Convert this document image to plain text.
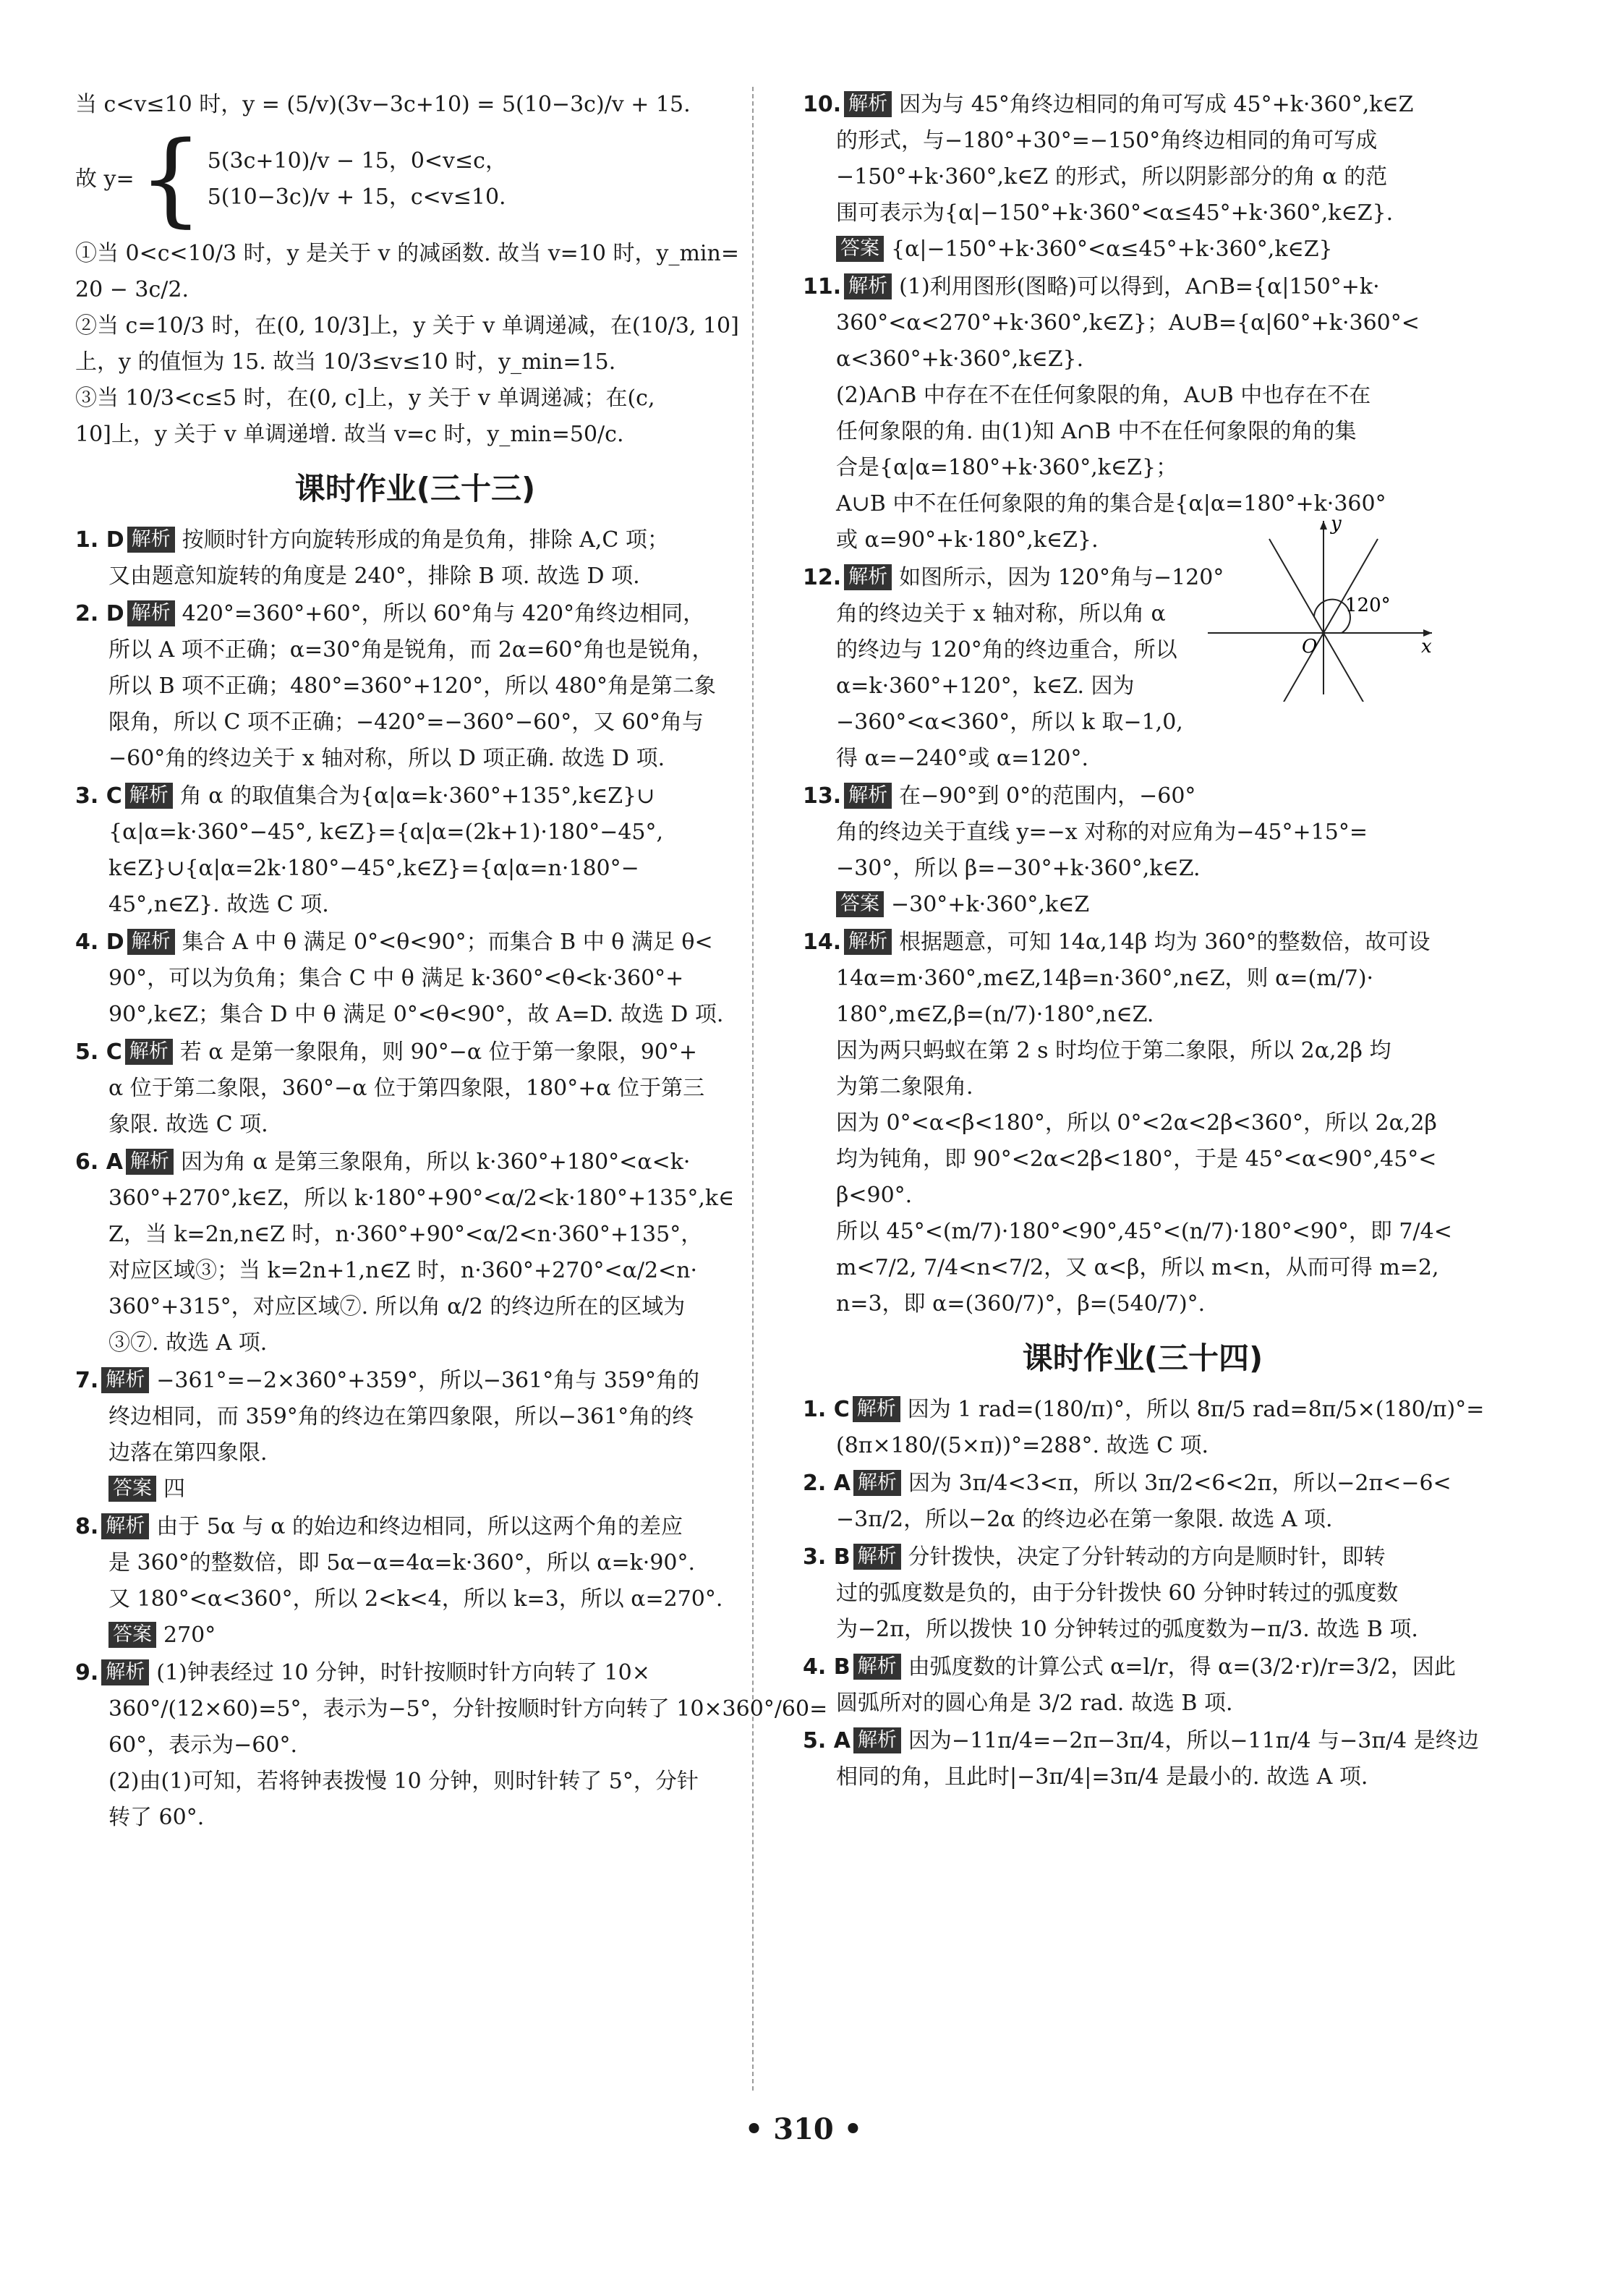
当 c<v≤10 时，y = (5/v)(3v−3c+10) = 5(10−3c)/v + 15.
故 y= { 5(3c+10)/v − 15，0<v≤c，
5(10−3c)/v + 15，c<v≤10.
①当 0<c<10/3 时，y 是关于 v 的减函数. 故当 v=10 时，y_min=
20 − 3c/2.
②当 c=10/3 时，在(0, 10/3]上，y 关于 v 单调递减，在(10/3, 10]
上，y 的值恒为 15. 故当 10/3≤v≤10 时，y_min=15.
③当 10/3<c≤5 时，在(0, c]上，y 关于 v 单调递减；在(c,
10]上，y 关于 v 单调递增. 故当 v=c 时，y_min=50/c.
课时作业(三十三)
1. D 解析 按顺时针方向旋转形成的角是负角，排除 A,C 项；
又由题意知旋转的角度是 240°，排除 B 项. 故选 D 项.
2. D 解析 420°=360°+60°，所以 60°角与 420°角终边相同，
所以 A 项不正确；α=30°角是锐角，而 2α=60°角也是锐角，
所以 B 项不正确；480°=360°+120°，所以 480°角是第二象
限角，所以 C 项不正确；−420°=−360°−60°，又 60°角与
−60°角的终边关于 x 轴对称，所以 D 项正确. 故选 D 项.
3. C 解析 角 α 的取值集合为{α|α=k·360°+135°,k∈Z}∪
{α|α=k·360°−45°, k∈Z}={α|α=(2k+1)·180°−45°,
k∈Z}∪{α|α=2k·180°−45°,k∈Z}={α|α=n·180°−
45°,n∈Z}. 故选 C 项.
4. D 解析 集合 A 中 θ 满足 0°<θ<90°；而集合 B 中 θ 满足 θ<
90°，可以为负角；集合 C 中 θ 满足 k·360°<θ<k·360°+
90°,k∈Z；集合 D 中 θ 满足 0°<θ<90°，故 A=D. 故选 D 项.
5. C 解析 若 α 是第一象限角，则 90°−α 位于第一象限，90°+
α 位于第二象限，360°−α 位于第四象限，180°+α 位于第三
象限. 故选 C 项.
6. A 解析 因为角 α 是第三象限角，所以 k·360°+180°<α<k·
360°+270°,k∈Z，所以 k·180°+90°<α/2<k·180°+135°,k∈
Z，当 k=2n,n∈Z 时，n·360°+90°<α/2<n·360°+135°，
对应区域③；当 k=2n+1,n∈Z 时，n·360°+270°<α/2<n·
360°+315°，对应区域⑦. 所以角 α/2 的终边所在的区域为
③⑦. 故选 A 项.
7. 解析 −361°=−2×360°+359°，所以−361°角与 359°角的
终边相同，而 359°角的终边在第四象限，所以−361°角的终
边落在第四象限.
答案 四
8. 解析 由于 5α 与 α 的始边和终边相同，所以这两个角的差应
是 360°的整数倍，即 5α−α=4α=k·360°，所以 α=k·90°.
又 180°<α<360°，所以 2<k<4，所以 k=3，所以 α=270°.
答案 270°
9. 解析 (1)钟表经过 10 分钟，时针按顺时针方向转了 10×
360°/(12×60)=5°，表示为−5°，分针按顺时针方向转了 10×360°/60=
60°，表示为−60°.
(2)由(1)可知，若将钟表拨慢 10 分钟，则时针转了 5°，分针
转了 60°.
10. 解析 因为与 45°角终边相同的角可写成 45°+k·360°,k∈Z
的形式，与−180°+30°=−150°角终边相同的角可写成
−150°+k·360°,k∈Z 的形式，所以阴影部分的角 α 的范
围可表示为{α|−150°+k·360°<α≤45°+k·360°,k∈Z}.
答案 {α|−150°+k·360°<α≤45°+k·360°,k∈Z}
11. 解析 (1)利用图形(图略)可以得到，A∩B={α|150°+k·
360°<α<270°+k·360°,k∈Z}；A∪B={α|60°+k·360°<
α<360°+k·360°,k∈Z}.
(2)A∩B 中存在不在任何象限的角，A∪B 中也存在不在
任何象限的角. 由(1)知 A∩B 中不在任何象限的角的集
合是{α|α=180°+k·360°,k∈Z}；
A∪B 中不在任何象限的角的集合是{α|α=180°+k·360°
或 α=90°+k·180°,k∈Z}.
12. 解析 如图所示，因为 120°角与−120°
角的终边关于 x 轴对称，所以角 α
的终边与 120°角的终边重合，所以
α=k·360°+120°，k∈Z. 因为
−360°<α<360°，所以 k 取−1,0,
得 α=−240°或 α=120°.
13. 解析 在−90°到 0°的范围内，−60°
角的终边关于直线 y=−x 对称的对应角为−45°+15°=
−30°，所以 β=−30°+k·360°,k∈Z.
答案 −30°+k·360°,k∈Z
14. 解析 根据题意，可知 14α,14β 均为 360°的整数倍，故可设
14α=m·360°,m∈Z,14β=n·360°,n∈Z，则 α=(m/7)·
180°,m∈Z,β=(n/7)·180°,n∈Z.
因为两只蚂蚁在第 2 s 时均位于第二象限，所以 2α,2β 均
为第二象限角.
因为 0°<α<β<180°，所以 0°<2α<2β<360°，所以 2α,2β
均为钝角，即 90°<2α<2β<180°，于是 45°<α<90°,45°<
β<90°.
所以 45°<(m/7)·180°<90°,45°<(n/7)·180°<90°，即 7/4<
m<7/2, 7/4<n<7/2，又 α<β，所以 m<n，从而可得 m=2,
n=3，即 α=(360/7)°，β=(540/7)°.
课时作业(三十四)
1. C 解析 因为 1 rad=(180/π)°，所以 8π/5 rad=8π/5×(180/π)°=
(8π×180/(5×π))°=288°. 故选 C 项.
2. A 解析 因为 3π/4<3<π，所以 3π/2<6<2π，所以−2π<−6<
−3π/2，所以−2α 的终边必在第一象限. 故选 A 项.
3. B 解析 分针拨快，决定了分针转动的方向是顺时针，即转
过的弧度数是负的，由于分针拨快 60 分钟时转过的弧度数
为−2π，所以拨快 10 分钟转过的弧度数为−π/3. 故选 B 项.
4. B 解析 由弧度数的计算公式 α=l/r，得 α=(3/2·r)/r=3/2，因此
圆弧所对的圆心角是 3/2 rad. 故选 B 项.
5. A 解析 因为−11π/4=−2π−3π/4，所以−11π/4 与−3π/4 是终边
相同的角，且此时|−3π/4|=3π/4 是最小的. 故选 A 项.
x
y
O
120°
• 310 •
